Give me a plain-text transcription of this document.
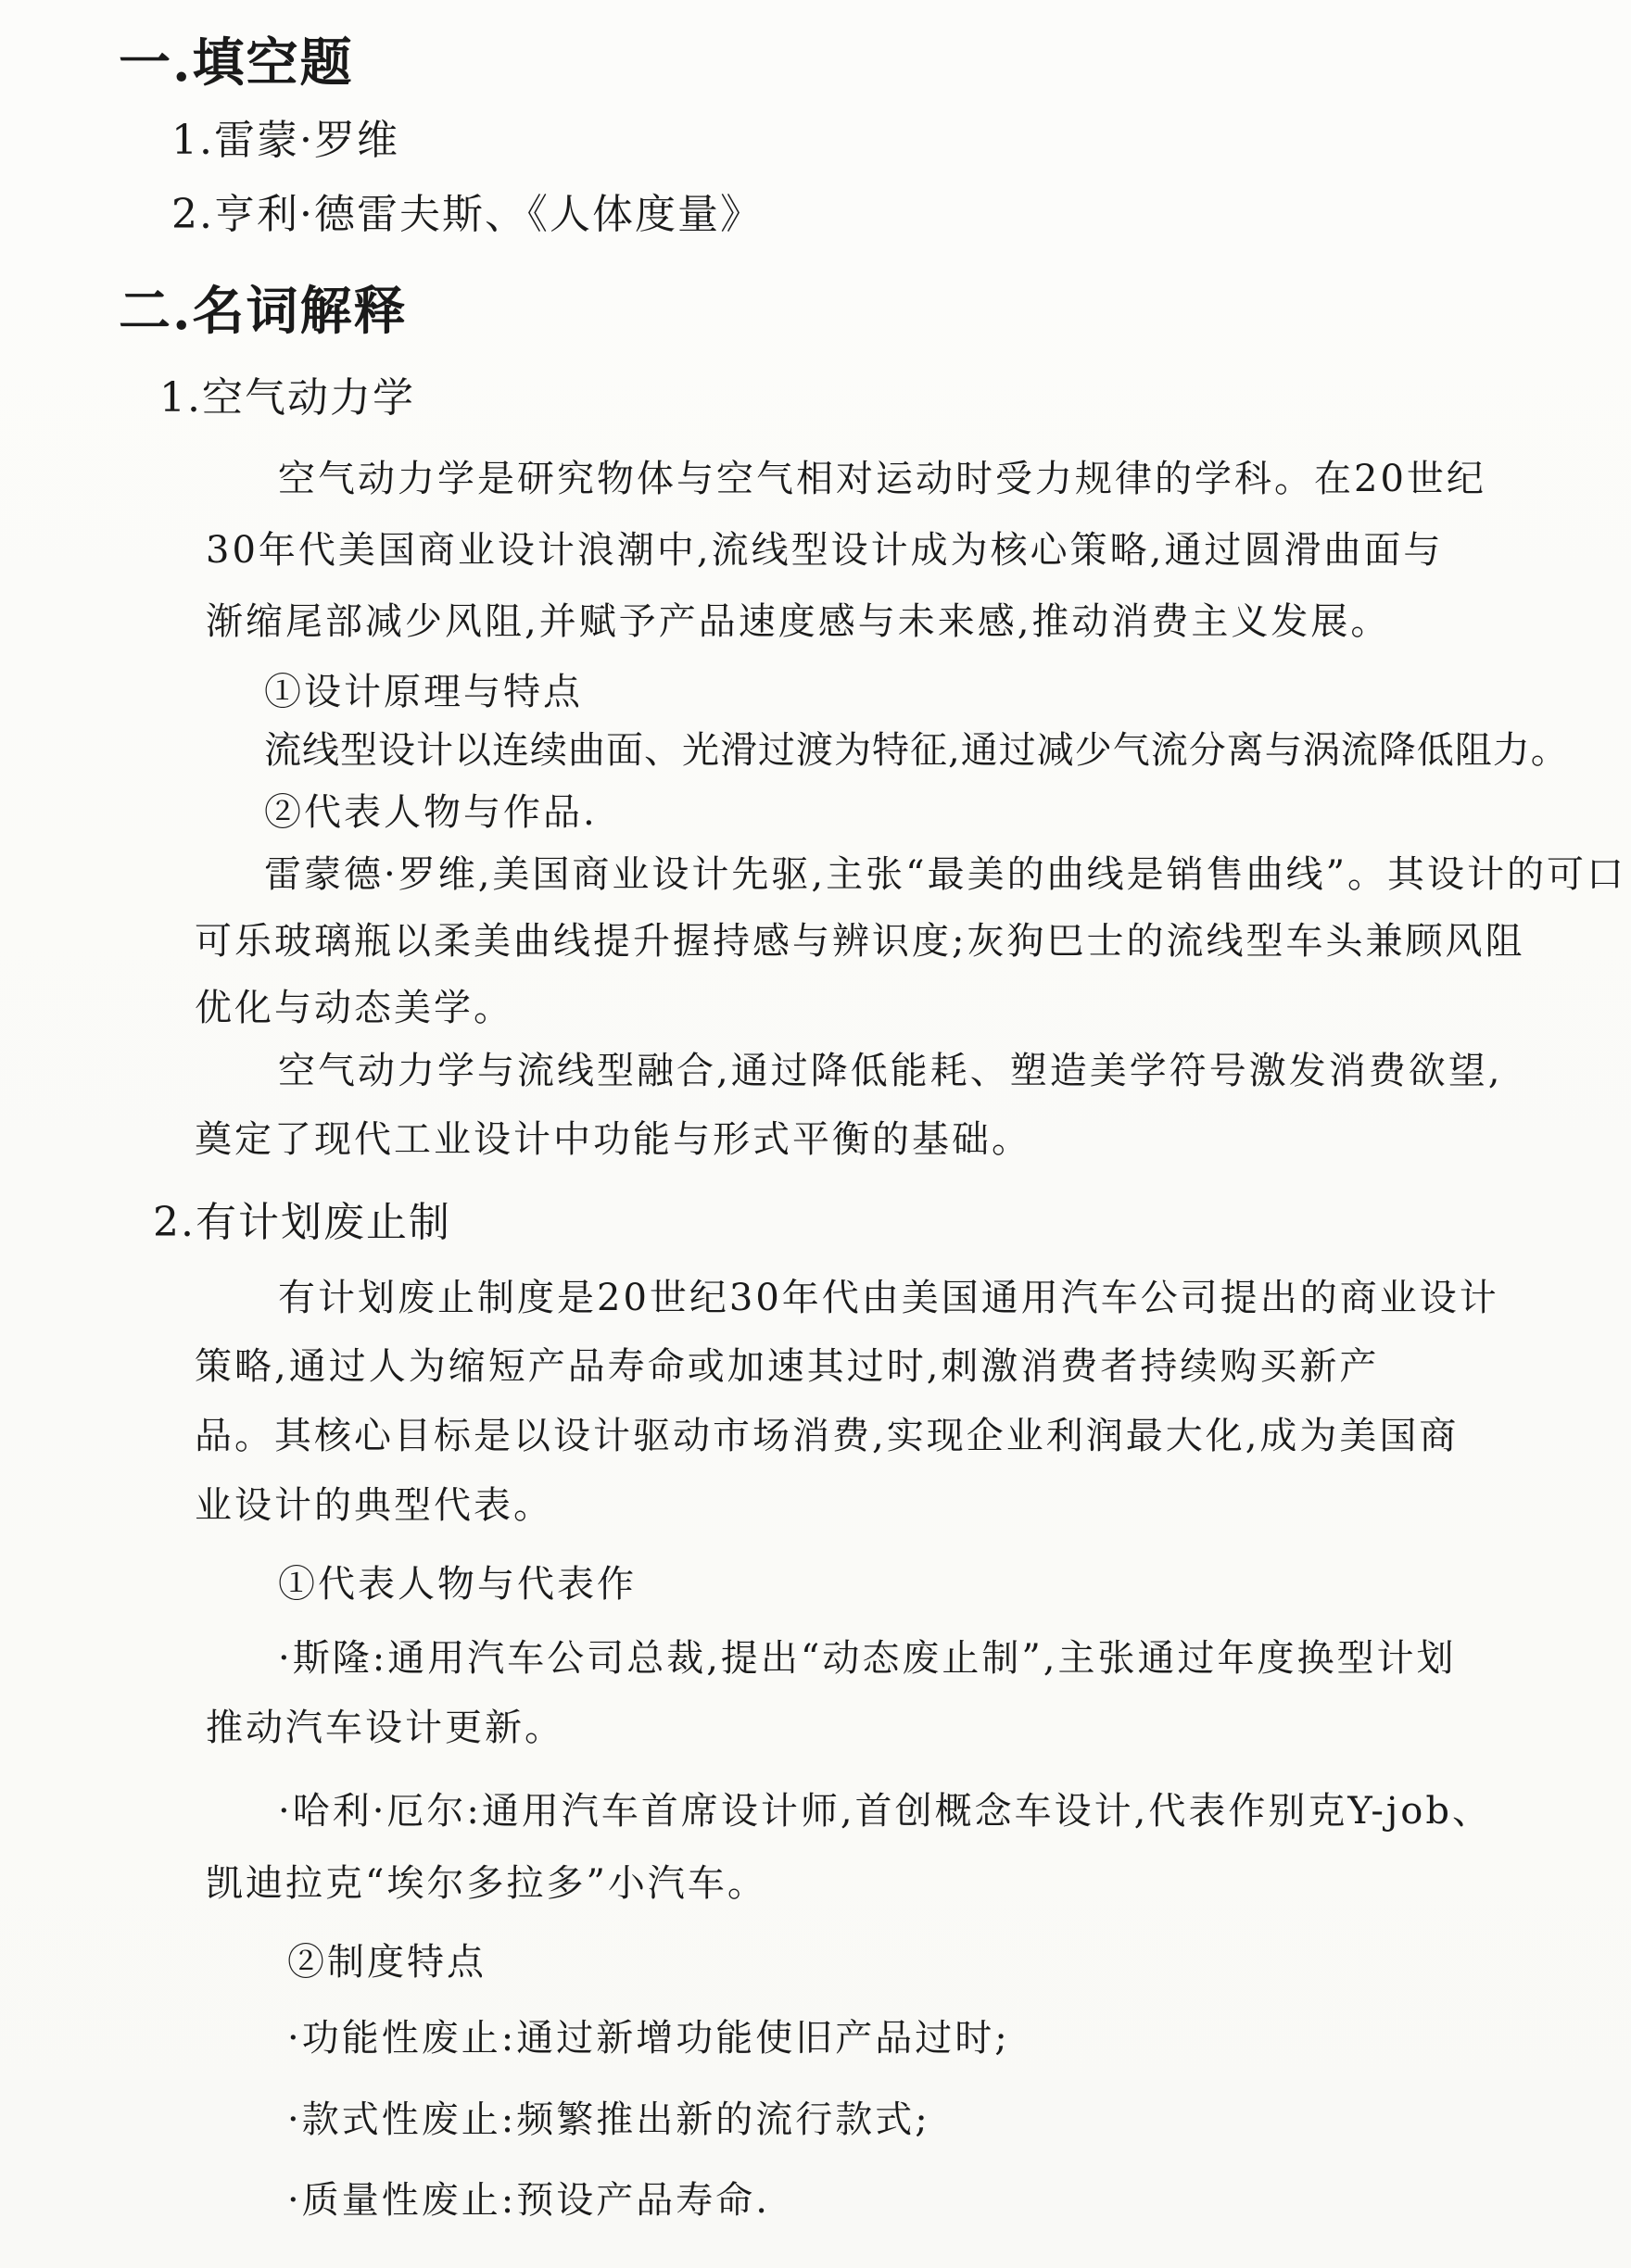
一.填空题
1.雷蒙·罗维
2.亨利·德雷夫斯、《人体度量》
二.名词解释
1.空气动力学
空气动力学是研究物体与空气相对运动时受力规律的学科。在20世纪
30年代美国商业设计浪潮中,流线型设计成为核心策略,通过圆滑曲面与
渐缩尾部减少风阻,并赋予产品速度感与未来感,推动消费主义发展。
①设计原理与特点
流线型设计以连续曲面、光滑过渡为特征,通过减少气流分离与涡流降低阻力。
②代表人物与作品.
雷蒙德·罗维,美国商业设计先驱,主张“最美的曲线是销售曲线”。其设计的可口
可乐玻璃瓶以柔美曲线提升握持感与辨识度;灰狗巴士的流线型车头兼顾风阻
优化与动态美学。
空气动力学与流线型融合,通过降低能耗、塑造美学符号激发消费欲望,
奠定了现代工业设计中功能与形式平衡的基础。
2.有计划废止制
有计划废止制度是20世纪30年代由美国通用汽车公司提出的商业设计
策略,通过人为缩短产品寿命或加速其过时,刺激消费者持续购买新产
品。其核心目标是以设计驱动市场消费,实现企业利润最大化,成为美国商
业设计的典型代表。
①代表人物与代表作
·斯隆:通用汽车公司总裁,提出“动态废止制”,主张通过年度换型计划
推动汽车设计更新。
·哈利·厄尔:通用汽车首席设计师,首创概念车设计,代表作别克Y-job、
凯迪拉克“埃尔多拉多”小汽车。
②制度特点
·功能性废止:通过新增功能使旧产品过时;
·款式性废止:频繁推出新的流行款式;
·质量性废止:预设产品寿命.
